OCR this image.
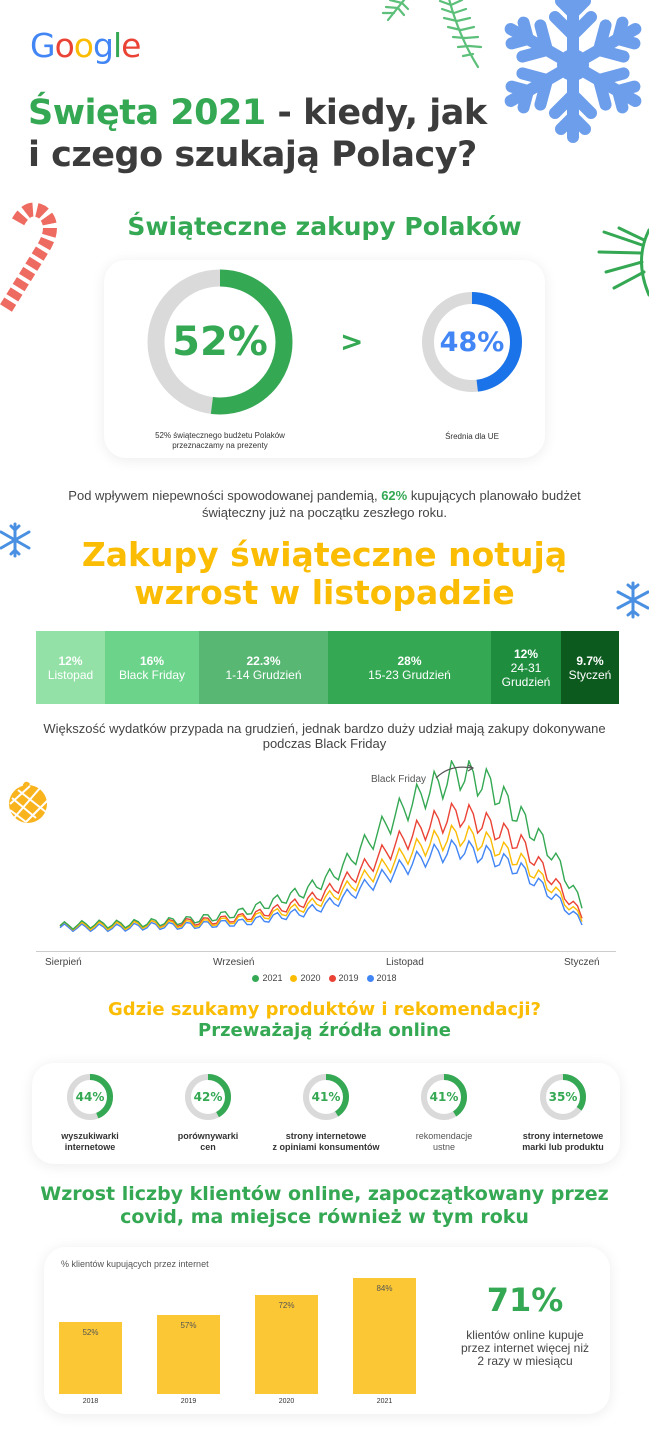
Google
Święta 2021 - kiedy, jak
i czego szukają Polacy?
Świąteczne zakupy Polaków
52%	>	48%
52% świątecznego budżetu Polaków
przeznaczamy na prezenty
Średnia dla UE
Pod wpływem niepewności spowodowanej pandemią, 62% kupujących planowało budżet świąteczny już na początku zeszłego roku.
Zakupy świąteczne notują
wzrost w listopadzie
12%
Listopad
16%
Black Friday
22.3%
1-14 Grudzień
28%
15-23 Grudzień
12%
24-31 Grudzień
9.7%
Styczeń
Większość wydatków przypada na grudzień, jednak bardzo duży udział mają zakupy dokonywane podczas Black Friday
Black Friday
Sierpień	Wrzesień	Listopad	Styczeń
2021 2020 2019 2018
Gdzie szukamy produktów i rekomendacji?
Przeważają źródła online
44%
wyszukiwarki
internetowe
42%
porównywarki
cen
41%
strony internetowe
z opiniami konsumentów
41%
rekomendacje
ustne
35%
strony internetowe
marki lub produktu
Wzrost liczby klientów online, zapoczątkowany przez
covid, ma miejsce również w tym roku
% klientów kupujących przez internet
52%
2018
57%
2019
72%
2020
84%
2021
71%
klientów online kupuje
przez internet więcej niż
2 razy w miesiącu
